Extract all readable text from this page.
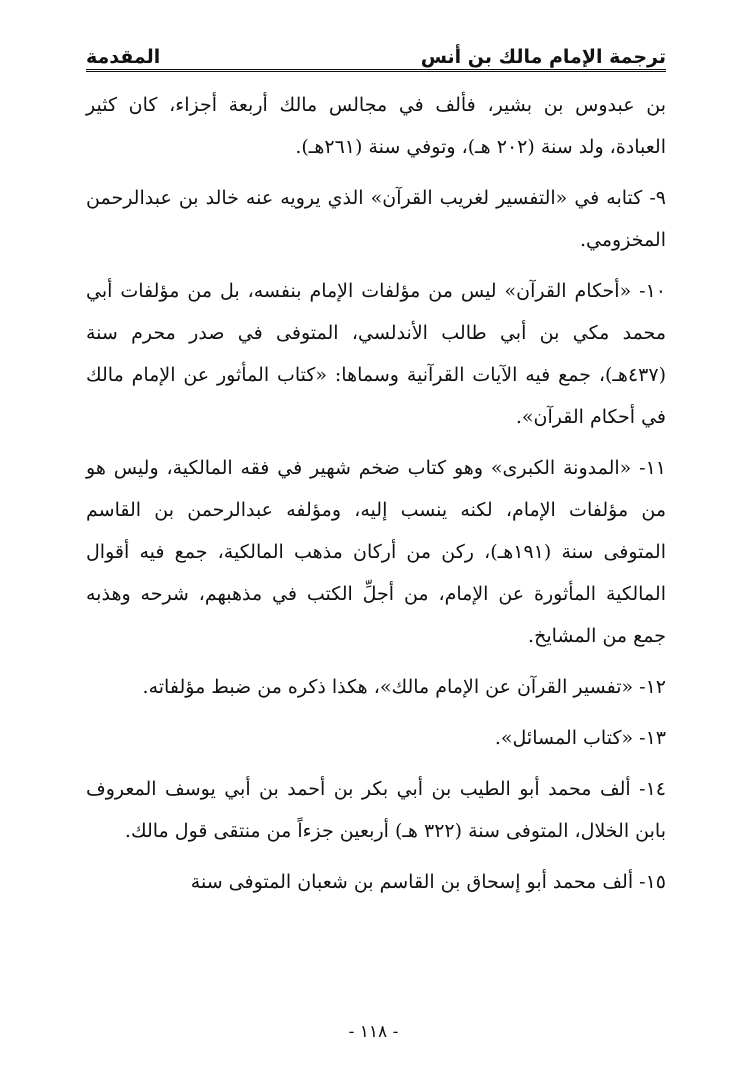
ترجمة الإمام مالك بن أنس
المقدمة

بن عبدوس بن بشير، فألف في مجالس مالك أربعة أجزاء، كان كثير العبادة، ولد سنة (٢٠٢ هـ)، وتوفي سنة (٢٦١هـ).

٩- كتابه في «التفسير لغريب القرآن» الذي يرويه عنه خالد بن عبدالرحمن المخزومي.

١٠- «أحكام القرآن» ليس من مؤلفات الإمام بنفسه، بل من مؤلفات أبي محمد مكي بن أبي طالب الأندلسي، المتوفى في صدر محرم سنة (٤٣٧هـ)، جمع فيه الآيات القرآنية وسماها: «كتاب المأثور عن الإمام مالك في أحكام القرآن».

١١- «المدونة الكبرى» وهو كتاب ضخم شهير في فقه المالكية، وليس هو من مؤلفات الإمام، لكنه ينسب إليه، ومؤلفه عبدالرحمن بن القاسم المتوفى سنة (١٩١هـ)، ركن من أركان مذهب المالكية، جمع فيه أقوال المالكية المأثورة عن الإمام، من أجلِّ الكتب في مذهبهم، شرحه وهذبه جمع من المشايخ.

١٢- «تفسير القرآن عن الإمام مالك»، هكذا ذكره من ضبط مؤلفاته.

١٣- «كتاب المسائل».

١٤- ألف محمد أبو الطيب بن أبي بكر بن أحمد بن أبي يوسف المعروف بابن الخلال، المتوفى سنة (٣٢٢ هـ) أربعين جزءاً من منتقى قول مالك.

١٥- ألف محمد أبو إسحاق بن القاسم بن شعبان المتوفى سنة

- ١١٨ -
